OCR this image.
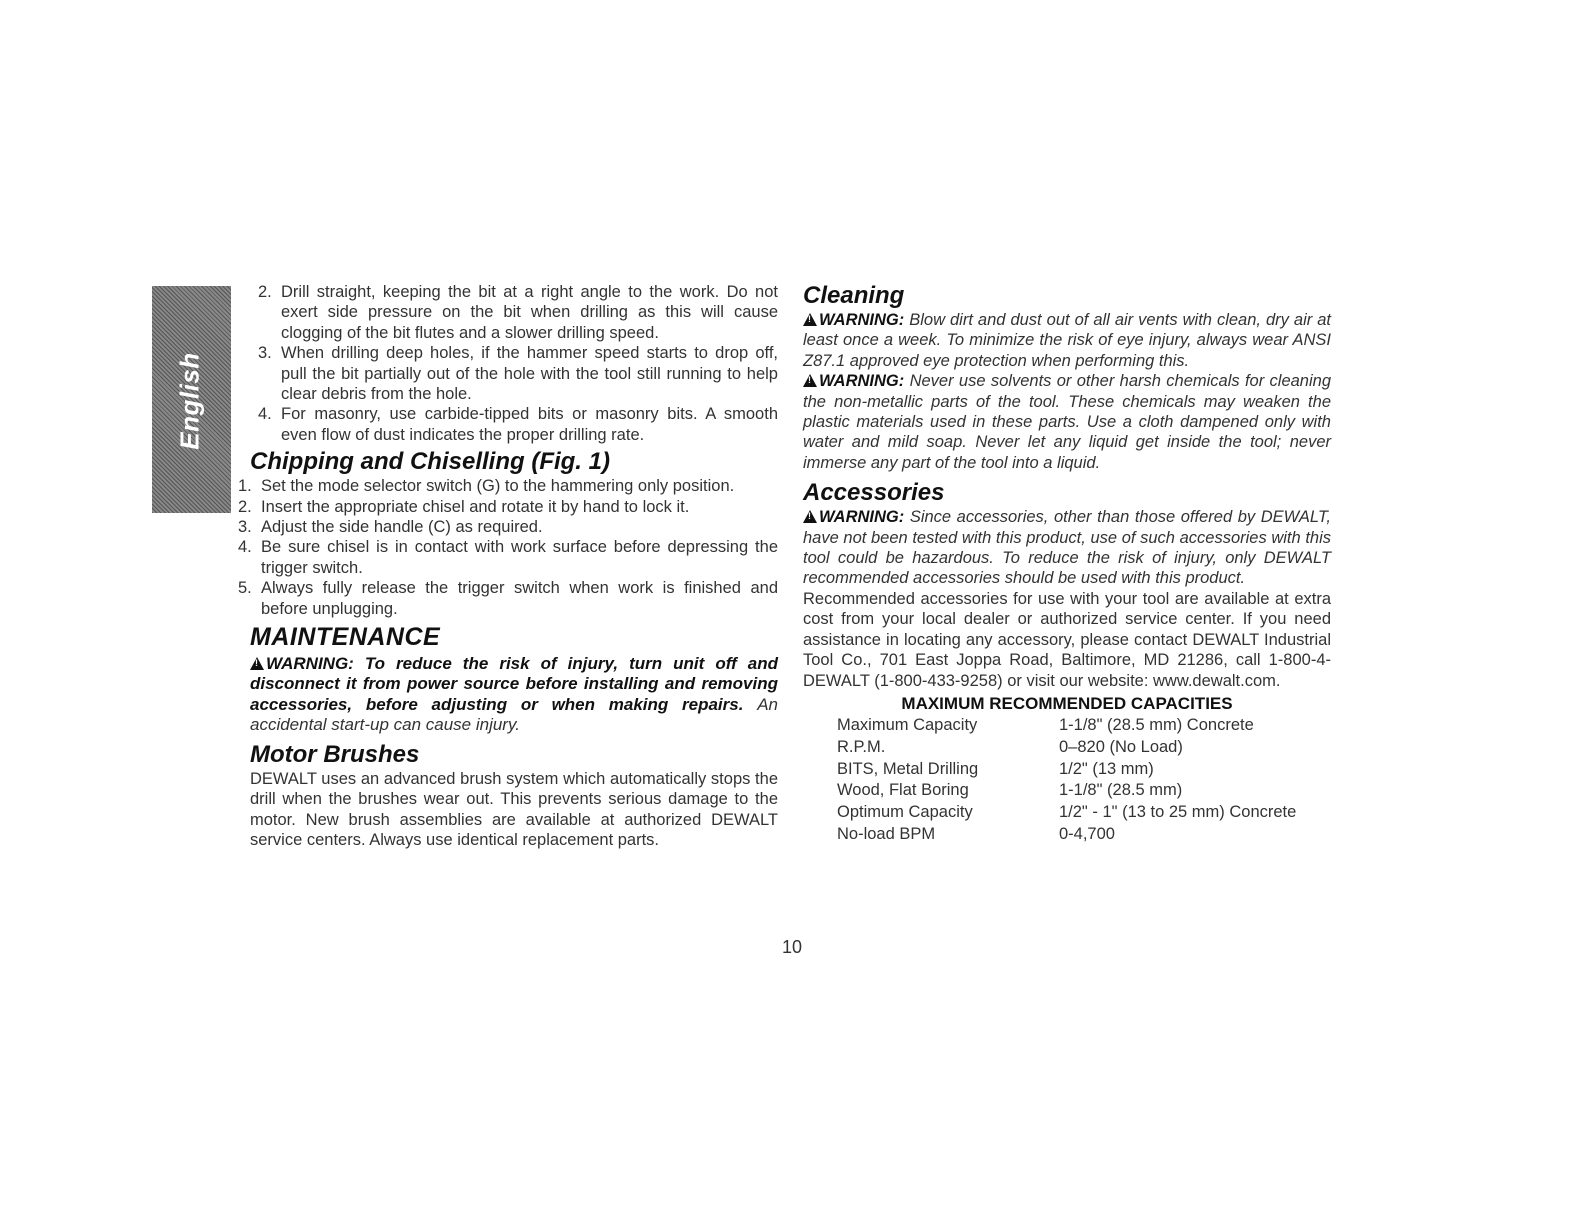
English
2. Drill straight, keeping the bit at a right angle to the work. Do not exert side pressure on the bit when drilling as this will cause clogging of the bit flutes and a slower drilling speed.
3. When drilling deep holes, if the hammer speed starts to drop off, pull the bit partially out of the hole with the tool still running to help clear debris from the hole.
4. For masonry, use carbide-tipped bits or masonry bits. A smooth even flow of dust indicates the proper drilling rate.
Chipping and Chiselling (Fig. 1)
1. Set the mode selector switch (G) to the hammering only position.
2. Insert the appropriate chisel and rotate it by hand to lock it.
3. Adjust the side handle (C) as required.
4. Be sure chisel is in contact with work surface before depressing the trigger switch.
5. Always fully release the trigger switch when work is finished and before unplugging.
MAINTENANCE

!WARNING: To reduce the risk of injury, turn unit off and disconnect it from power source before installing and removing accessories, before adjusting or when making repairs. An accidental start-up can cause injury.

Motor Brushes

DEWALT uses an advanced brush system which automatically stops the drill when the brushes wear out. This prevents serious damage to the motor. New brush assemblies are available at authorized DEWALT service centers. Always use identical replacement parts.

Cleaning

!WARNING: Blow dirt and dust out of all air vents with clean, dry air at least once a week. To minimize the risk of eye injury, always wear ANSI Z87.1 approved eye protection when performing this.

!WARNING: Never use solvents or other harsh chemicals for cleaning the non-metallic parts of the tool. These chemicals may weaken the plastic materials used in these parts. Use a cloth dampened only with water and mild soap. Never let any liquid get inside the tool; never immerse any part of the tool into a liquid.

Accessories

!WARNING: Since accessories, other than those offered by DEWALT, have not been tested with this product, use of such accessories with this tool could be hazardous. To reduce the risk of injury, only DEWALT recommended accessories should be used with this product.

Recommended accessories for use with your tool are available at extra cost from your local dealer or authorized service center. If you need assistance in locating any accessory, please contact DEWALT Industrial Tool Co., 701 East Joppa Road, Baltimore, MD 21286, call 1-800-4-DEWALT (1-800-433-9258) or visit our website: www.dewalt.com.

MAXIMUM RECOMMENDED CAPACITIES
Maximum Capacity	1-1/8" (28.5 mm) Concrete
R.P.M.	0–820 (No Load)
BITS, Metal Drilling	1/2" (13 mm)
Wood, Flat Boring	1-1/8" (28.5 mm)
Optimum Capacity	1/2" - 1" (13 to 25 mm) Concrete
No-load BPM	0-4,700
10
